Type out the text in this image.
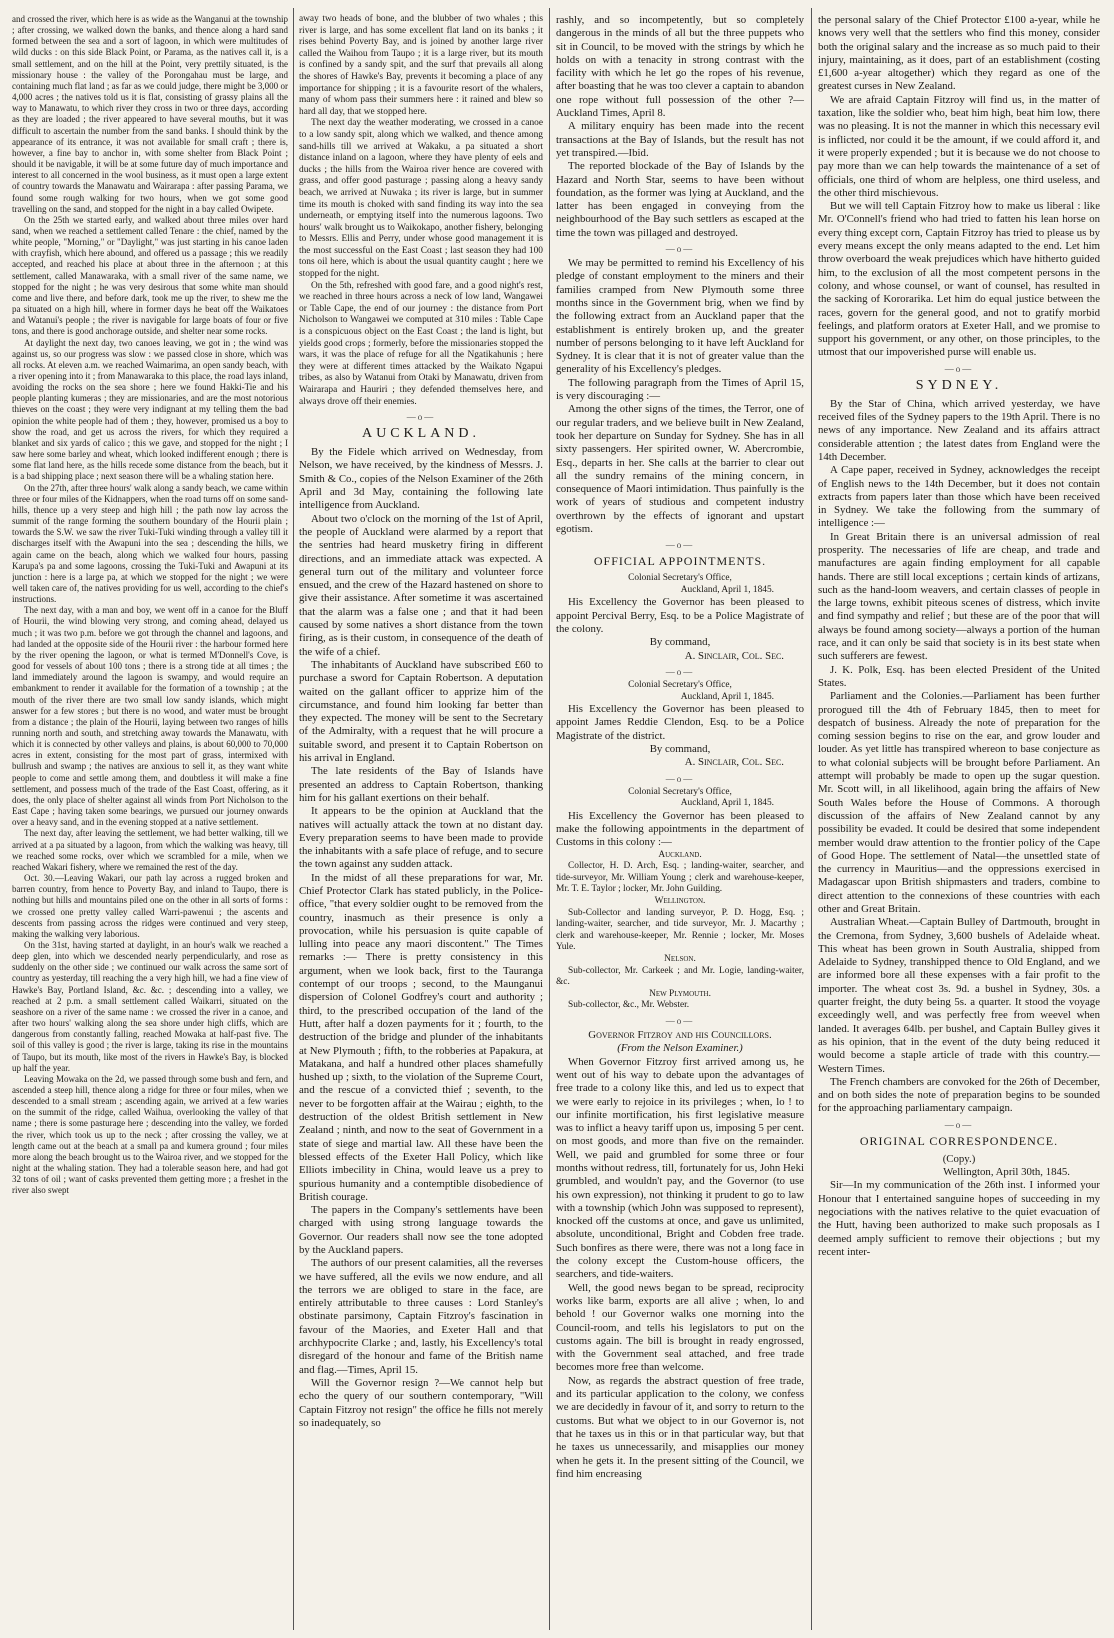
and crossed the river, which here is as wide as the Wanganui at the township ; after crossing, we walked down the banks, and thence along a hard sand formed between the sea and a sort of lagoon, in which were multitudes of wild ducks : on this side Black Point, or Parama, as the natives call it, is a small settlement, and on the hill at the Point, very prettily situated, is the missionary house : the valley of the Porongahau must be large, and containing much flat land ; as far as we could judge, there might be 3,000 or 4,000 acres ; the natives told us it is flat, consisting of grassy plains all the way to Manawatu, to which river they cross in two or three days, according as they are loaded ; the river appeared to have several mouths, but it was difficult to ascertain the number from the sand banks. I should think by the appearance of its entrance, it was not available for small craft ; there is, however, a fine bay to anchor in, with some shelter from Black Point ; should it be navigable, it will be at some future day of much importance and interest to all concerned in the wool business, as it must open a large extent of country towards the Manawatu and Wairarapa : after passing Parama, we found some rough walking for two hours, when we got some good travelling on the sand, and stopped for the night in a bay called Owipete.

On the 25th we started early, and walked about three miles over hard sand, when we reached a settlement called Tenare : the chief, named by the white people, "Morning," or "Daylight," was just starting in his canoe laden with crayfish, which here abound, and offered us a passage ; this we readily accepted, and reached his place at about three in the afternoon ; at this settlement, called Manawaraka, with a small river of the same name, we stopped for the night ; he was very desirous that some white man should come and live there, and before dark, took me up the river, to shew me the pa situated on a high hill, where in former days he beat off the Waikatoes and Watanui's people ; the river is navigable for large boats of four or five tons, and there is good anchorage outside, and shelter near some rocks.

At daylight the next day, two canoes leaving, we got in ; the wind was against us, so our progress was slow : we passed close in shore, which was all rocks. At eleven a.m. we reached Waimarima, an open sandy beach, with a river opening into it ; from Manawaraka to this place, the road lays inland, avoiding the rocks on the sea shore ; here we found Hakki-Tie and his people planting kumeras ; they are missionaries, and are the most notorious thieves on the coast ; they were very indignant at my telling them the bad opinion the white people had of them ; they, however, promised us a boy to show the road, and get us across the rivers, for which they required a blanket and six yards of calico ; this we gave, and stopped for the night ; I saw here some barley and wheat, which looked indifferent enough ; there is some flat land here, as the hills recede some distance from the beach, but it is a bad shipping place ; next season there will be a whaling station here.

On the 27th, after three hours' walk along a sandy beach, we came within three or four miles of the Kidnappers, when the road turns off on some sand-hills, thence up a very steep and high hill ; the path now lay across the summit of the range forming the southern boundary of the Hourii plain ; towards the S.W. we saw the river Tuki-Tuki winding through a valley till it discharges itself with the Awapuni into the sea ; descending the hills, we again came on the beach, along which we walked four hours, passing Karupa's pa and some lagoons, crossing the Tuki-Tuki and Awapuni at its junction : here is a large pa, at which we stopped for the night ; we were well taken care of, the natives providing for us well, according to the chief's instructions.

The next day, with a man and boy, we went off in a canoe for the Bluff of Hourii, the wind blowing very strong, and coming ahead, delayed us much ; it was two p.m. before we got through the channel and lagoons, and had landed at the opposite side of the Hourii river : the harbour formed here by the river opening the lagoon, or what is termed M'Donnell's Cove, is good for vessels of about 100 tons ; there is a strong tide at all times ; the land immediately around the lagoon is swampy, and would require an embankment to render it available for the formation of a township ; at the mouth of the river there are two small low sandy islands, which might answer for a few stores ; but there is no wood, and water must be brought from a distance ; the plain of the Hourii, laying between two ranges of hills running north and south, and stretching away towards the Manawatu, with which it is connected by other valleys and plains, is about 60,000 to 70,000 acres in extent, consisting for the most part of grass, intermixed with bullrush and swamp ; the natives are anxious to sell it, as they want white people to come and settle among them, and doubtless it will make a fine settlement, and possess much of the trade of the East Coast, offering, as it does, the only place of shelter against all winds from Port Nicholson to the East Cape ; having taken some bearings, we pursued our journey onwards over a heavy sand, and in the evening stopped at a native settlement.

The next day, after leaving the settlement, we had better walking, till we arrived at a pa situated by a lagoon, from which the walking was heavy, till we reached some rocks, over which we scrambled for a mile, when we reached Wakari fishery, where we remained the rest of the day.

Oct. 30.—Leaving Wakari, our path lay across a rugged broken and barren country, from hence to Poverty Bay, and inland to Taupo, there is nothing but hills and mountains piled one on the other in all sorts of forms : we crossed one pretty valley called Warri-pawenui ; the ascents and descents from passing across the ridges were continued and very steep, making the walking very laborious.

On the 31st, having started at daylight, in an hour's walk we reached a deep glen, into which we descended nearly perpendicularly, and rose as suddenly on the other side ; we continued our walk across the same sort of country as yesterday, till reaching the a very high hill, we had a fine view of Hawke's Bay, Portland Island, &c. &c. ; descending into a valley, we reached at 2 p.m. a small settlement called Waikarri, situated on the seashore on a river of the same name : we crossed the river in a canoe, and after two hours' walking along the sea shore under high cliffs, which are dangerous from constantly falling, reached Mowaka at half-past five. The soil of this valley is good ; the river is large, taking its rise in the mountains of Taupo, but its mouth, like most of the rivers in Hawke's Bay, is blocked up half the year.

Leaving Mowaka on the 2d, we passed through some bush and fern, and ascended a steep hill, thence along a ridge for three or four miles, when we descended to a small stream ; ascending again, we arrived at a few waries on the summit of the ridge, called Waihua, overlooking the valley of that name ; there is some pasturage here ; descending into the valley, we forded the river, which took us up to the neck ; after crossing the valley, we at length came out at the beach at a small pa and kumera ground ; four miles more along the beach brought us to the Wairoa river, and we stopped for the night at the whaling station. They had a tolerable season here, and had got 32 tons of oil ; want of casks prevented them getting more ; a freshet in the river also swept

away two heads of bone, and the blubber of two whales ; this river is large, and has some excellent flat land on its banks ; it rises behind Poverty Bay, and is joined by another large river called the Waihou from Taupo ; it is a large river, but its mouth is confined by a sandy spit, and the surf that prevails all along the shores of Hawke's Bay, prevents it becoming a place of any importance for shipping ; it is a favourite resort of the whalers, many of whom pass their summers here : it rained and blew so hard all day, that we stopped here.

The next day the weather moderating, we crossed in a canoe to a low sandy spit, along which we walked, and thence among sand-hills till we arrived at Wakaku, a pa situated a short distance inland on a lagoon, where they have plenty of eels and ducks ; the hills from the Wairoa river hence are covered with grass, and offer good pasturage ; passing along a heavy sandy beach, we arrived at Nuwaka ; its river is large, but in summer time its mouth is choked with sand finding its way into the sea underneath, or emptying itself into the numerous lagoons. Two hours' walk brought us to Waikokapo, another fishery, belonging to Messrs. Ellis and Perry, under whose good management it is the most successful on the East Coast ; last season they had 100 tons oil here, which is about the usual quantity caught ; here we stopped for the night.

On the 5th, refreshed with good fare, and a good night's rest, we reached in three hours across a neck of low land, Wangawei or Table Cape, the end of our journey : the distance from Port Nicholson to Wangawei we computed at 310 miles : Table Cape is a conspicuous object on the East Coast ; the land is light, but yields good crops ; formerly, before the missionaries stopped the wars, it was the place of refuge for all the Ngatikahunis ; here they were at different times attacked by the Waikato Ngapui tribes, as also by Watanui from Otaki by Manawatu, driven from Wairarapa and Hauriri ; they defended themselves here, and always drove off their enemies.

—o—
AUCKLAND.

By the Fidele which arrived on Wednesday, from Nelson, we have received, by the kindness of Messrs. J. Smith & Co., copies of the Nelson Examiner of the 26th April and 3d May, containing the following late intelligence from Auckland.

About two o'clock on the morning of the 1st of April, the people of Auckland were alarmed by a report that the sentries had heard musketry firing in different directions, and an immediate attack was expected. A general turn out of the military and volunteer force ensued, and the crew of the Hazard hastened on shore to give their assistance. After sometime it was ascertained that the alarm was a false one ; and that it had been caused by some natives a short distance from the town firing, as is their custom, in consequence of the death of the wife of a chief.

The inhabitants of Auckland have subscribed £60 to purchase a sword for Captain Robertson. A deputation waited on the gallant officer to apprize him of the circumstance, and found him looking far better than they expected. The money will be sent to the Secretary of the Admiralty, with a request that he will procure a suitable sword, and present it to Captain Robertson on his arrival in England.

The late residents of the Bay of Islands have presented an address to Captain Robertson, thanking him for his gallant exertions on their behalf.

It appears to be the opinion at Auckland that the natives will actually attack the town at no distant day. Every preparation seems to have been made to provide the inhabitants with a safe place of refuge, and to secure the town against any sudden attack.

In the midst of all these preparations for war, Mr. Chief Protector Clark has stated publicly, in the Police-office, "that every soldier ought to be removed from the country, inasmuch as their presence is only a provocation, while his persuasion is quite capable of lulling into peace any maori discontent." The Times remarks :— There is pretty consistency in this argument, when we look back, first to the Tauranga contempt of our troops ; second, to the Maunganui dispersion of Colonel Godfrey's court and authority ; third, to the prescribed occupation of the land of the Hutt, after half a dozen payments for it ; fourth, to the destruction of the bridge and plunder of the inhabitants at New Plymouth ; fifth, to the robberies at Papakura, at Matakana, and half a hundred other places shamefully hushed up ; sixth, to the violation of the Supreme Court, and the rescue of a convicted thief ; seventh, to the never to be forgotten affair at the Wairau ; eighth, to the destruction of the oldest British settlement in New Zealand ; ninth, and now to the seat of Government in a state of siege and martial law. All these have been the blessed effects of the Exeter Hall Policy, which like Elliots imbecility in China, would leave us a prey to spurious humanity and a contemptible disobedience of British courage.

The papers in the Company's settlements have been charged with using strong language towards the Governor. Our readers shall now see the tone adopted by the Auckland papers.

The authors of our present calamities, all the reverses we have suffered, all the evils we now endure, and all the terrors we are obliged to stare in the face, are entirely attributable to three causes : Lord Stanley's obstinate parsimony, Captain Fitzroy's fascination in favour of the Maories, and Exeter Hall and that archhypocrite Clarke ; and, lastly, his Excellency's total disregard of the honour and fame of the British name and flag.—Times, April 15.

Will the Governor resign ?—We cannot help but echo the query of our southern contemporary, "Will Captain Fitzroy not resign" the office he fills not merely so inadequately, so

rashly, and so incompetently, but so completely dangerous in the minds of all but the three puppets who sit in Council, to be moved with the strings by which he holds on with a tenacity in strong contrast with the facility with which he let go the ropes of his revenue, after boasting that he was too clever a captain to abandon one rope without full possession of the other ?— Auckland Times, April 8.

A military enquiry has been made into the recent transactions at the Bay of Islands, but the result has not yet transpired.—Ibid.

The reported blockade of the Bay of Islands by the Hazard and North Star, seems to have been without foundation, as the former was lying at Auckland, and the latter has been engaged in conveying from the neighbourhood of the Bay such settlers as escaped at the time the town was pillaged and destroyed.

—o—

We may be permitted to remind his Excellency of his pledge of constant employment to the miners and their families cramped from New Plymouth some three months since in the Government brig, when we find by the following extract from an Auckland paper that the establishment is entirely broken up, and the greater number of persons belonging to it have left Auckland for Sydney. It is clear that it is not of greater value than the generality of his Excellency's pledges.

The following paragraph from the Times of April 15, is very discouraging :—

Among the other signs of the times, the Terror, one of our regular traders, and we believe built in New Zealand, took her departure on Sunday for Sydney. She has in all sixty passengers. Her spirited owner, W. Abercrombie, Esq., departs in her. She calls at the barrier to clear out all the sundry remains of the mining concern, in consequence of Maori intimidation. Thus painfully is the work of years of studious and competent industry overthrown by the effects of ignorant and upstart egotism.

—o—
OFFICIAL APPOINTMENTS.

Colonial Secretary's Office,

Auckland, April 1, 1845.

His Excellency the Governor has been pleased to appoint Percival Berry, Esq. to be a Police Magistrate of the colony.

By command,

A. Sinclair, Col. Sec.

—o—

Colonial Secretary's Office,

Auckland, April 1, 1845.

His Excellency the Governor has been pleased to appoint James Reddie Clendon, Esq. to be a Police Magistrate of the district.

By command,

A. Sinclair, Col. Sec.

—o—

Colonial Secretary's Office,

Auckland, April 1, 1845.

His Excellency the Governor has been pleased to make the following appointments in the department of Customs in this colony :—

Auckland.

Collector, H. D. Arch, Esq. ; landing-waiter, searcher, and tide-surveyor, Mr. William Young ; clerk and warehouse-keeper, Mr. T. E. Taylor ; locker, Mr. John Guilding.

Wellington.

Sub-Collector and landing surveyor, P. D. Hogg, Esq. ; landing-waiter, searcher, and tide surveyor, Mr. J. Macarthy ; clerk and warehouse-keeper, Mr. Rennie ; locker, Mr. Moses Yule.

Nelson.

Sub-collector, Mr. Carkeek ; and Mr. Logie, landing-waiter, &c.

New Plymouth.

Sub-collector, &c., Mr. Webster.

—o—

Governor Fitzroy and his Councillors.

(From the Nelson Examiner.)

When Governor Fitzroy first arrived among us, he went out of his way to debate upon the advantages of free trade to a colony like this, and led us to expect that we were early to rejoice in its privileges ; when, lo ! to our infinite mortification, his first legislative measure was to inflict a heavy tariff upon us, imposing 5 per cent. on most goods, and more than five on the remainder. Well, we paid and grumbled for some three or four months without redress, till, fortunately for us, John Heki grumbled, and wouldn't pay, and the Governor (to use his own expression), not thinking it prudent to go to law with a township (which John was supposed to represent), knocked off the customs at once, and gave us unlimited, absolute, unconditional, Bright and Cobden free trade. Such bonfires as there were, there was not a long face in the colony except the Custom-house officers, the searchers, and tide-waiters.

Well, the good news began to be spread, reciprocity works like barm, exports are all alive ; when, lo and behold ! our Governor walks one morning into the Council-room, and tells his legislators to put on the customs again. The bill is brought in ready engrossed, with the Government seal attached, and free trade becomes more free than welcome.

Now, as regards the abstract question of free trade, and its particular application to the colony, we confess we are decidedly in favour of it, and sorry to return to the customs. But what we object to in our Governor is, not that he taxes us in this or in that particular way, but that he taxes us unnecessarily, and misapplies our money when he gets it. In the present sitting of the Council, we find him encreasing

the personal salary of the Chief Protector £100 a-year, while he knows very well that the settlers who find this money, consider both the original salary and the increase as so much paid to their injury, maintaining, as it does, part of an establishment (costing £1,600 a-year altogether) which they regard as one of the greatest curses in New Zealand.

We are afraid Captain Fitzroy will find us, in the matter of taxation, like the soldier who, beat him high, beat him low, there was no pleasing. It is not the manner in which this necessary evil is inflicted, nor could it be the amount, if we could afford it, and it were properly expended ; but it is because we do not choose to pay more than we can help towards the maintenance of a set of officials, one third of whom are helpless, one third useless, and the other third mischievous.

But we will tell Captain Fitzroy how to make us liberal : like Mr. O'Connell's friend who had tried to fatten his lean horse on every thing except corn, Captain Fitzroy has tried to please us by every means except the only means adapted to the end. Let him throw overboard the weak prejudices which have hitherto guided him, to the exclusion of all the most competent persons in the colony, and whose counsel, or want of counsel, has resulted in the sacking of Kororarika. Let him do equal justice between the races, govern for the general good, and not to gratify morbid feelings, and platform orators at Exeter Hall, and we promise to support his government, or any other, on those principles, to the utmost that our impoverished purse will enable us.

—o—
SYDNEY.

By the Star of China, which arrived yesterday, we have received files of the Sydney papers to the 19th April. There is no news of any importance. New Zealand and its affairs attract considerable attention ; the latest dates from England were the 14th December.

A Cape paper, received in Sydney, acknowledges the receipt of English news to the 14th December, but it does not contain extracts from papers later than those which have been received in Sydney. We take the following from the summary of intelligence :—

In Great Britain there is an universal admission of real prosperity. The necessaries of life are cheap, and trade and manufactures are again finding employment for all capable hands. There are still local exceptions ; certain kinds of artizans, such as the hand-loom weavers, and certain classes of people in the large towns, exhibit piteous scenes of distress, which invite and find sympathy and relief ; but these are of the poor that will always be found among society—always a portion of the human race, and it can only be said that society is in its best state when such sufferers are fewest.

J. K. Polk, Esq. has been elected President of the United States.

Parliament and the Colonies.—Parliament has been further prorogued till the 4th of February 1845, then to meet for despatch of business. Already the note of preparation for the coming session begins to rise on the ear, and grow louder and louder. As yet little has transpired whereon to base conjecture as to what colonial subjects will be brought before Parliament. An attempt will probably be made to open up the sugar question. Mr. Scott will, in all likelihood, again bring the affairs of New South Wales before the House of Commons. A thorough discussion of the affairs of New Zealand cannot by any possibility be evaded. It could be desired that some independent member would draw attention to the frontier policy of the Cape of Good Hope. The settlement of Natal—the unsettled state of the currency in Mauritius—and the oppressions exercised in Madagascar upon British shipmasters and traders, combine to direct attention to the connexions of these countries with each other and Great Britain.

Australian Wheat.—Captain Bulley of Dartmouth, brought in the Cremona, from Sydney, 3,600 bushels of Adelaide wheat. This wheat has been grown in South Australia, shipped from Adelaide to Sydney, transhipped thence to Old England, and we are informed bore all these expenses with a fair profit to the importer. The wheat cost 3s. 9d. a bushel in Sydney, 30s. a quarter freight, the duty being 5s. a quarter. It stood the voyage exceedingly well, and was perfectly free from weevel when landed. It averages 64lb. per bushel, and Captain Bulley gives it as his opinion, that in the event of the duty being reduced it would become a staple article of trade with this country.—Western Times.

The French chambers are convoked for the 26th of December, and on both sides the note of preparation begins to be sounded for the approaching parliamentary campaign.

—o—
ORIGINAL CORRESPONDENCE.

(Copy.)

Wellington, April 30th, 1845.

Sir—In my communication of the 26th inst. I informed your Honour that I entertained sanguine hopes of succeeding in my negociations with the natives relative to the quiet evacuation of the Hutt, having been authorized to make such proposals as I deemed amply sufficient to remove their objections ; but my recent inter-
